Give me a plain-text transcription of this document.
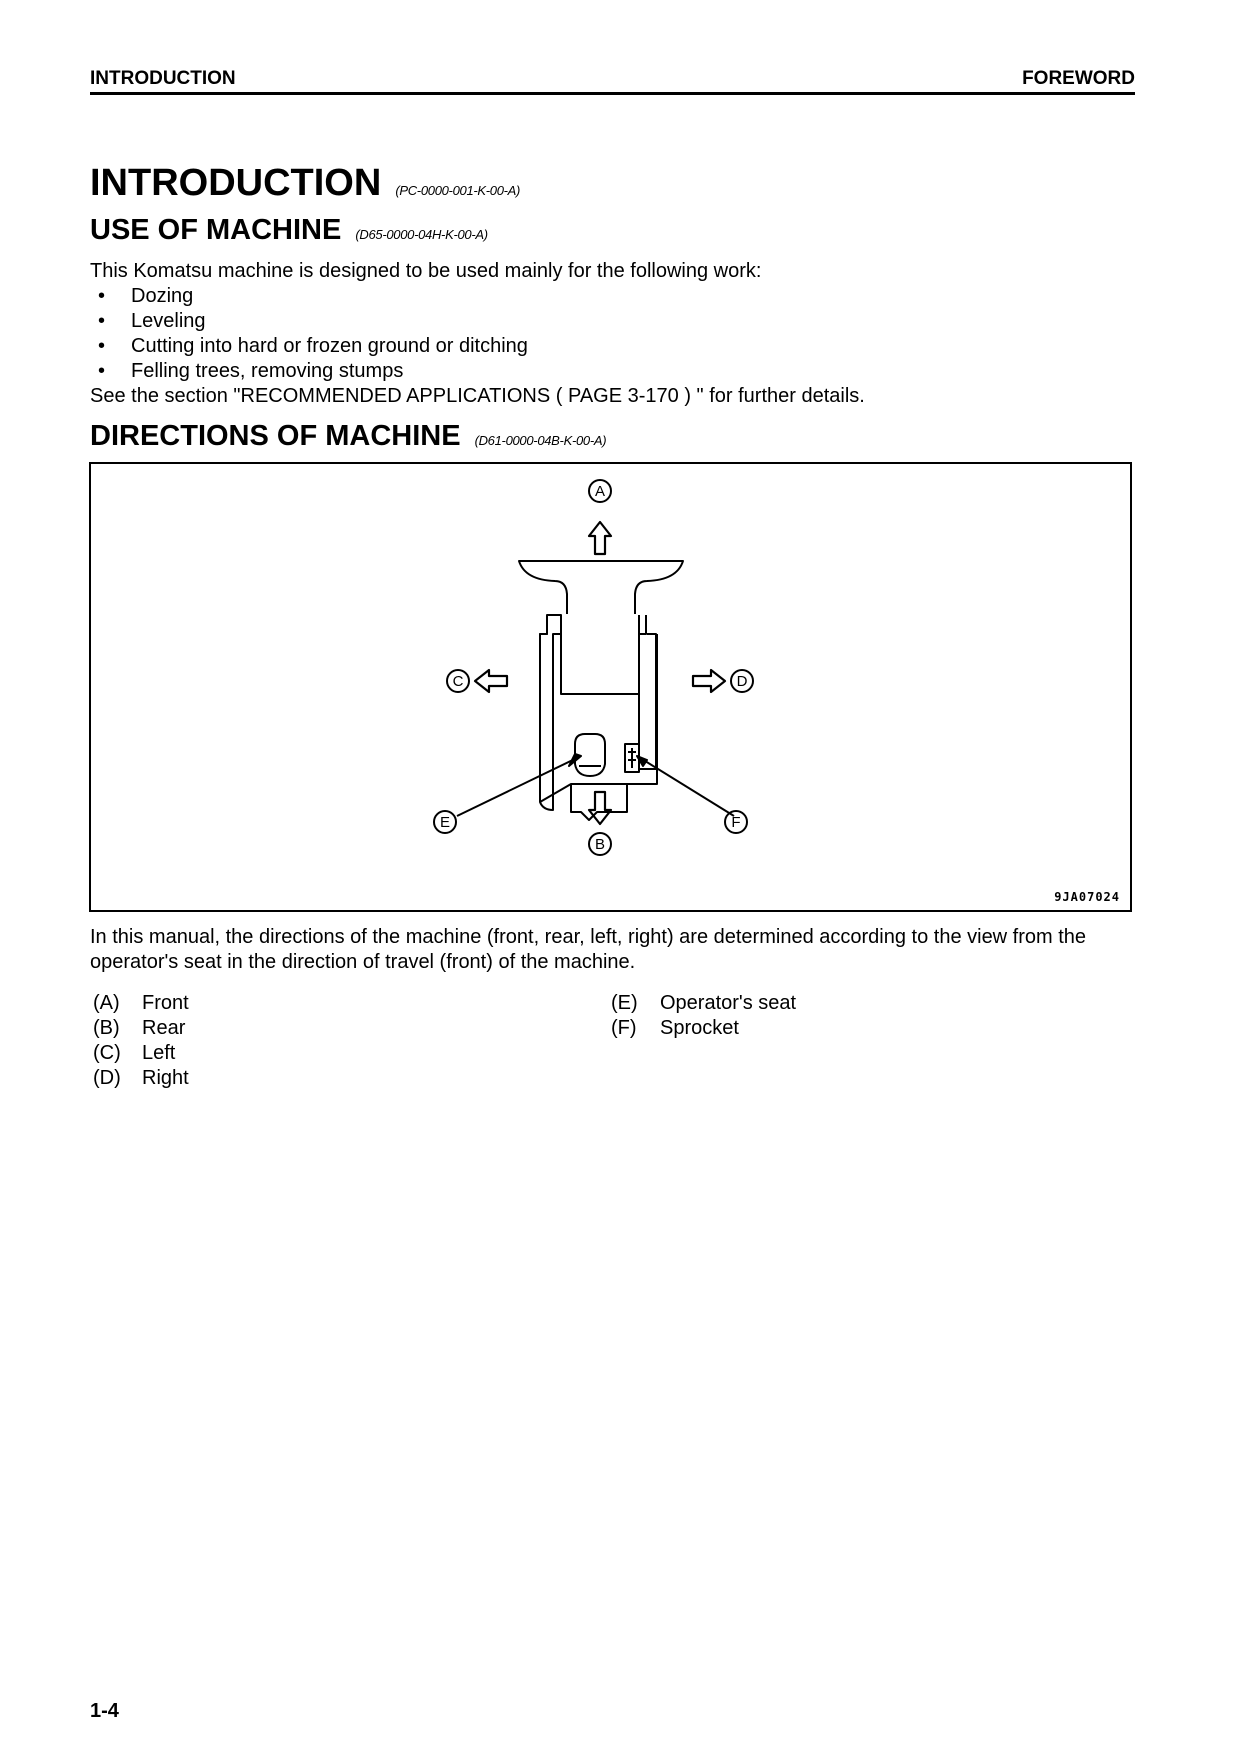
INTRODUCTION	FOREWORD
INTRODUCTION (PC-0000-001-K-00-A)
USE OF MACHINE (D65-0000-04H-K-00-A)
This Komatsu machine is designed to be used mainly for the following work:
• Dozing
• Leveling
• Cutting into hard or frozen ground or ditching
• Felling trees, removing stumps
See the section "RECOMMENDED APPLICATIONS ( PAGE 3-170 ) " for further details.
DIRECTIONS OF MACHINE (D61-0000-04B-K-00-A)
A
B
C	D
E	F
9JA07024
In this manual, the directions of the machine (front, rear, left, right) are determined according to the view from the operator's seat in the direction of travel (front) of the machine.
(A) Front
(B) Rear
(C) Left
(D) Right
(E) Operator's seat
(F) Sprocket
1-4
